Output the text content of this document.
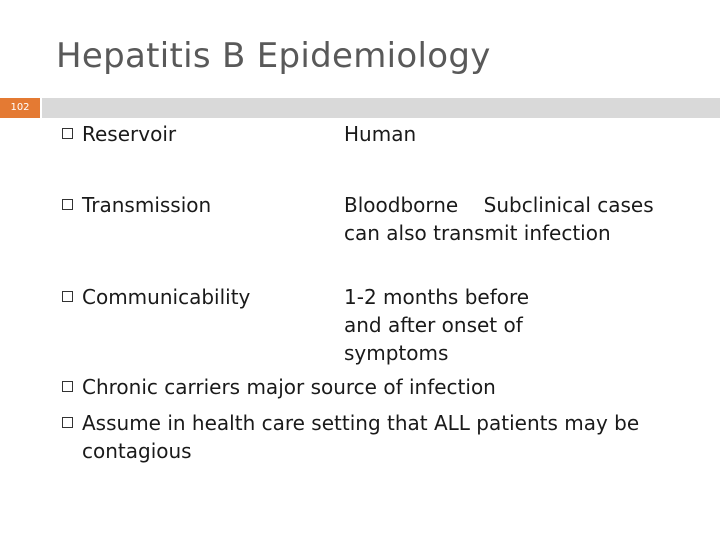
Hepatitis B Epidemiology
102
Reservoir	Human
Transmission	Bloodborne    Subclinical cases
can also transmit infection
Communicability	1-2 months before
and after onset of
symptoms
Chronic carriers major source of infection
Assume in health care setting that ALL patients may be
contagious
